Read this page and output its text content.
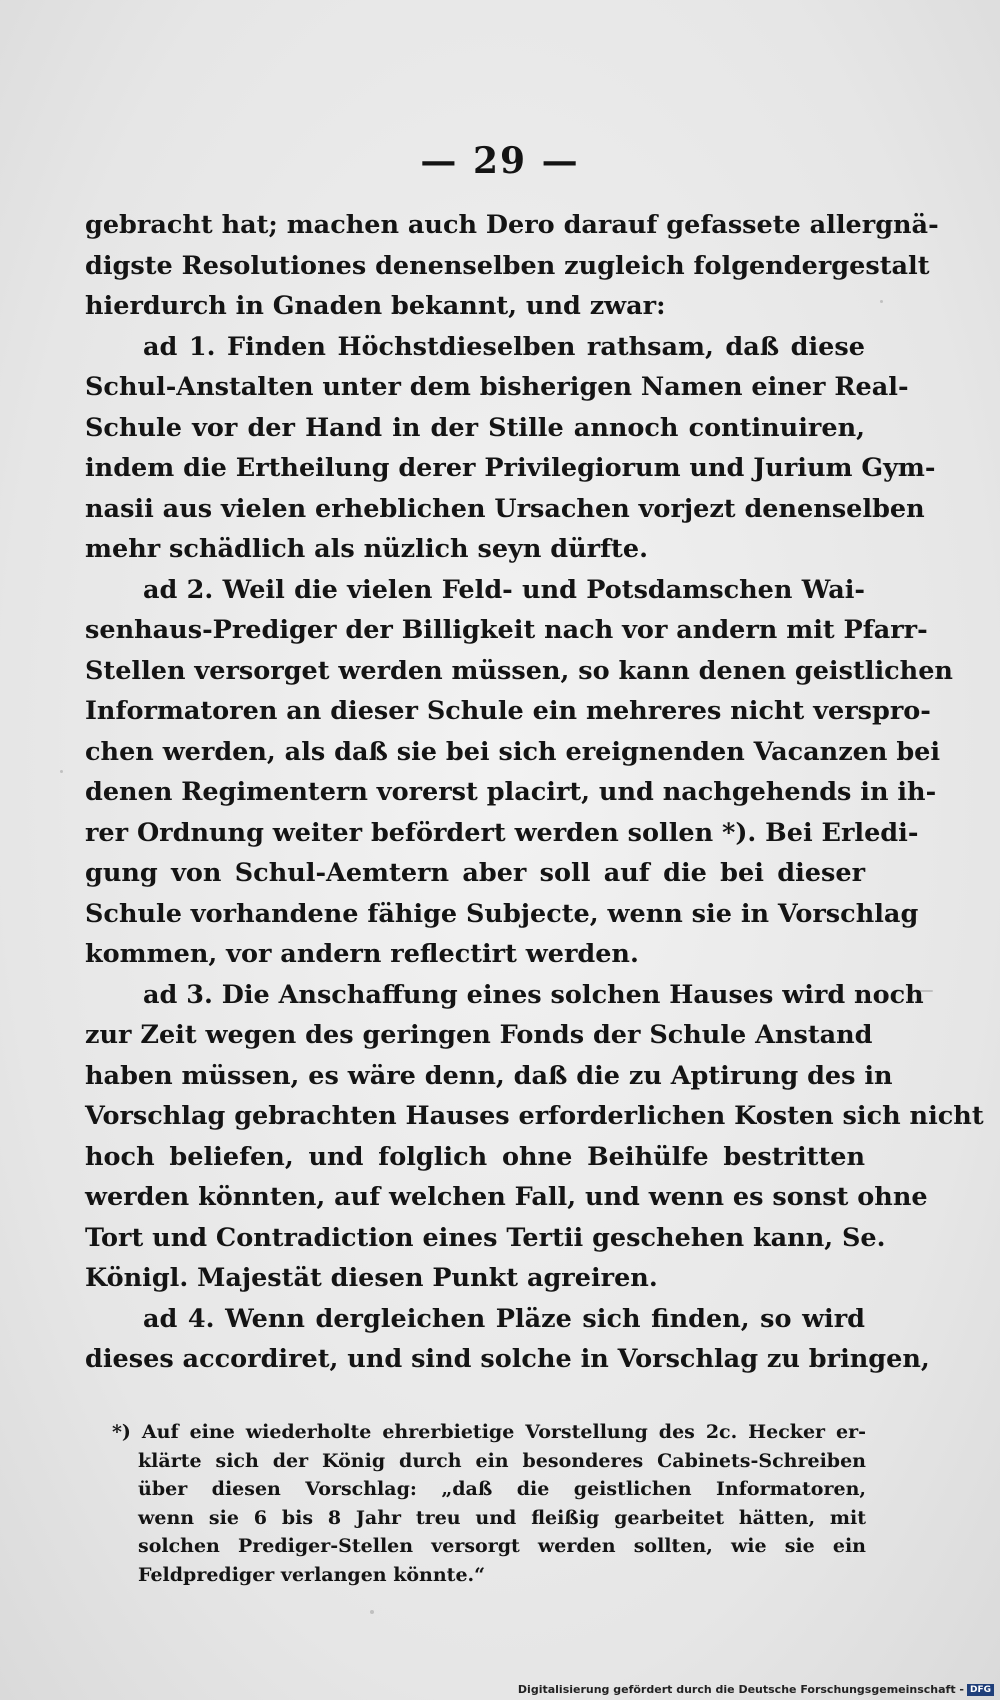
— 29 —
gebracht hat; machen auch Dero darauf gefassete allergnä-
digste Resolutiones denenselben zugleich folgendergestalt
hierdurch in Gnaden bekannt, und zwar:
ad 1. Finden Höchstdieselben rathsam, daß diese
Schul-Anstalten unter dem bisherigen Namen einer Real-
Schule vor der Hand in der Stille annoch continuiren,
indem die Ertheilung derer Privilegiorum und Jurium Gym-
nasii aus vielen erheblichen Ursachen vorjezt denenselben
mehr schädlich als nüzlich seyn dürfte.
ad 2. Weil die vielen Feld- und Potsdamschen Wai-
senhaus-Prediger der Billigkeit nach vor andern mit Pfarr-
Stellen versorget werden müssen, so kann denen geistlichen
Informatoren an dieser Schule ein mehreres nicht verspro-
chen werden, als daß sie bei sich ereignenden Vacanzen bei
denen Regimentern vorerst placirt, und nachgehends in ih-
rer Ordnung weiter befördert werden sollen *). Bei Erledi-
gung von Schul-Aemtern aber soll auf die bei dieser
Schule vorhandene fähige Subjecte, wenn sie in Vorschlag
kommen, vor andern reflectirt werden.
ad 3. Die Anschaffung eines solchen Hauses wird noch
zur Zeit wegen des geringen Fonds der Schule Anstand
haben müssen, es wäre denn, daß die zu Aptirung des in
Vorschlag gebrachten Hauses erforderlichen Kosten sich nicht
hoch beliefen, und folglich ohne Beihülfe bestritten
werden könnten, auf welchen Fall, und wenn es sonst ohne
Tort und Contradiction eines Tertii geschehen kann, Se.
Königl. Majestät diesen Punkt agreiren.
ad 4. Wenn dergleichen Pläze sich finden, so wird
dieses accordiret, und sind solche in Vorschlag zu bringen,
*) Auf eine wiederholte ehrerbietige Vorstellung des 2c. Hecker er-
klärte sich der König durch ein besonderes Cabinets-Schreiben
über diesen Vorschlag: „daß die geistlichen Informatoren,
wenn sie 6 bis 8 Jahr treu und fleißig gearbeitet hätten, mit
solchen Prediger-Stellen versorgt werden sollten, wie sie ein
Feldprediger verlangen könnte.“
Digitalisierung gefördert durch die Deutsche Forschungsgemeinschaft - DFG
